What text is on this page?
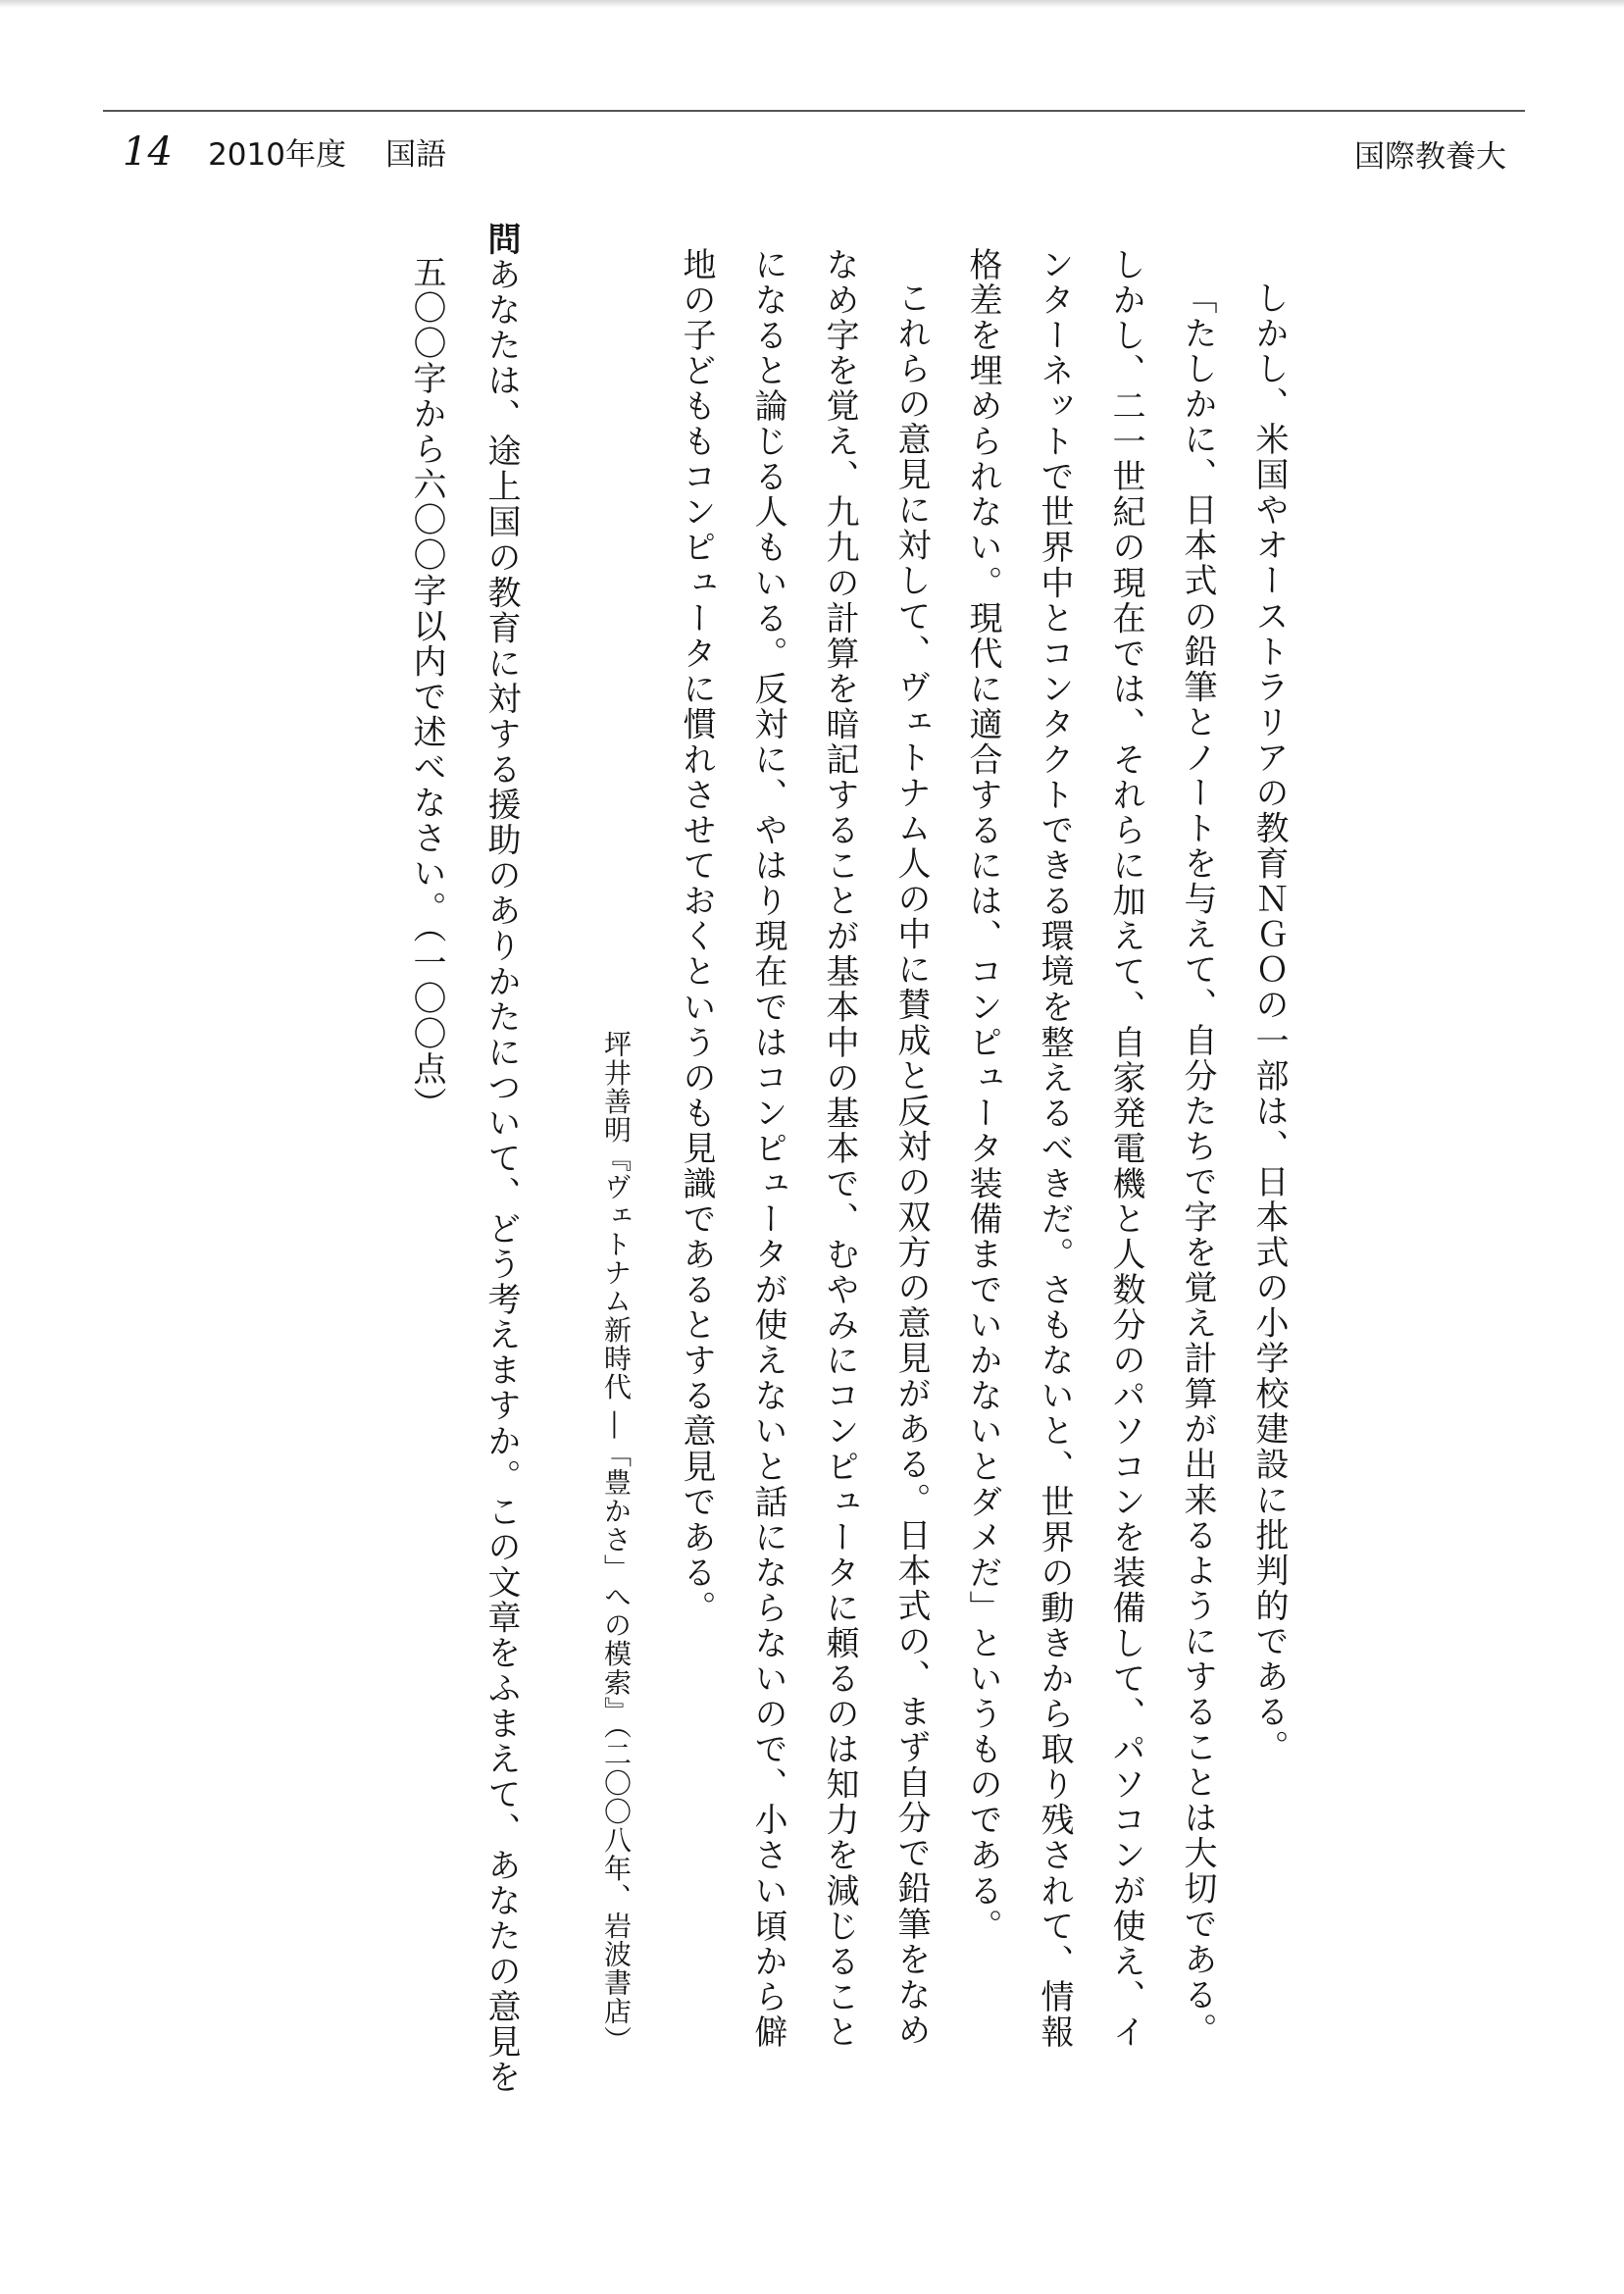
14 2010年度 国語	国際教養大

しかし、米国やオーストラリアの教育ＮＧＯの一部は、日本式の小学校建設に批判的である。

「たしかに、日本式の鉛筆とノートを与えて、自分たちで字を覚え計算が出来るようにすることは大切である。しかし、二一世紀の現在では、それらに加えて、自家発電機と人数分のパソコンを装備して、パソコンが使え、インターネットで世界中とコンタクトできる環境を整えるべきだ。さもないと、世界の動きから取り残されて、情報格差を埋められない。現代に適合するには、コンピュータ装備までいかないとダメだ」というものである。

これらの意見に対して、ヴェトナム人の中に賛成と反対の双方の意見がある。日本式の、まず自分で鉛筆をなめなめ字を覚え、九九の計算を暗記することが基本中の基本で、むやみにコンピュータに頼るのは知力を減じることになると論じる人もいる。反対に、やはり現在ではコンピュータが使えないと話にならないので、小さい頃から僻地の子どももコンピュータに慣れさせておくというのも見識であるとする意見である。

坪井善明『ヴェトナム新時代 ―「豊かさ」への模索』（二〇〇八年、岩波書店）

問あなたは、途上国の教育に対する援助のありかたについて、どう考えますか。この文章をふまえて、あなたの意見を

五〇〇字から六〇〇字以内で述べなさい。（一〇〇点）
